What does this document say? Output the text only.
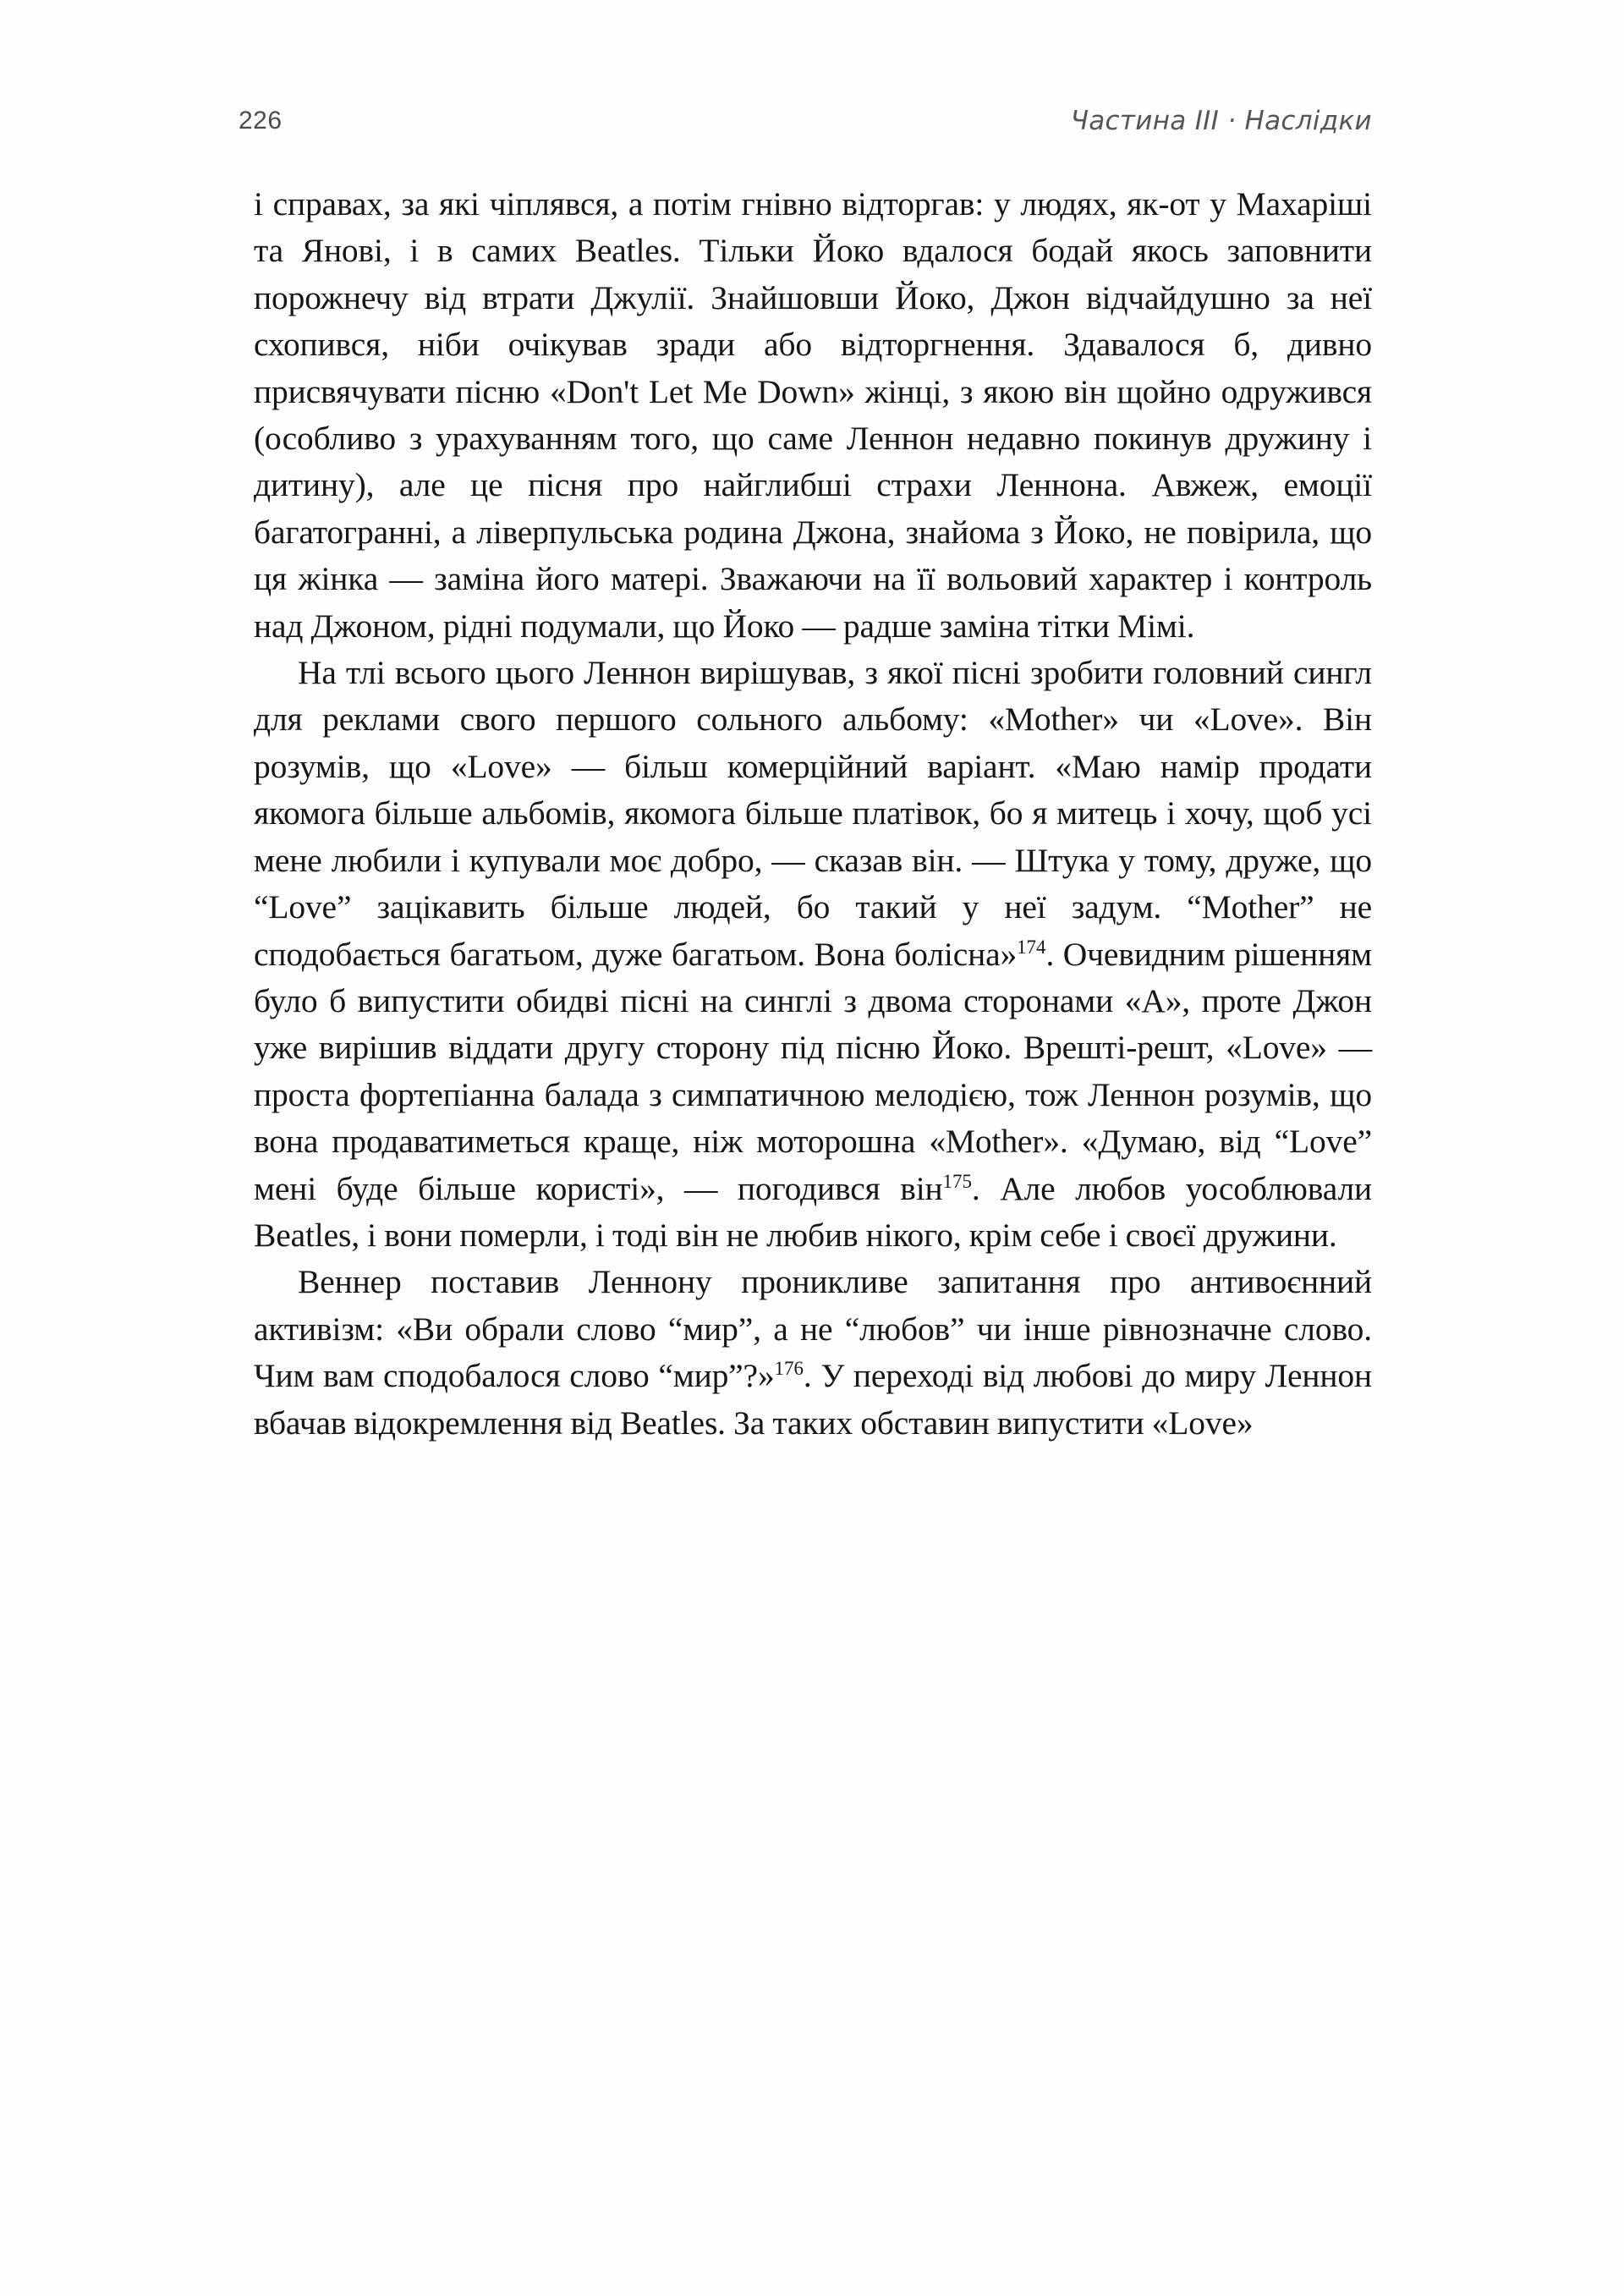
226	Частина III · Наслідки

і справах, за які чіплявся, а потім гнівно відторгав: у людях, як-от у Махаріші та Янові, і в самих Beatles. Тільки Йоко вдалося бодай якось заповнити порожнечу від втрати Джулії. Знайшовши Йоко, Джон відчайдушно за неї схопився, ніби очікував зради або відторгнення. Здавалося б, дивно присвячувати пісню «Don't Let Me Down» жінці, з якою він щойно одружився (особливо з урахуванням того, що саме Леннон недавно покинув дружину і дитину), але це пісня про найглибші страхи Леннона. Авжеж, емоції багатогранні, а ліверпульська родина Джона, знайома з Йоко, не повірила, що ця жінка — заміна його матері. Зважаючи на її вольовий характер і контроль над Джоном, рідні подумали, що Йоко — радше заміна тітки Мімі.

На тлі всього цього Леннон вирішував, з якої пісні зробити головний сингл для реклами свого першого сольного альбому: «Mother» чи «Love». Він розумів, що «Love» — більш комерційний варіант. «Маю намір продати якомога більше альбомів, якомога більше платівок, бо я митець і хочу, щоб усі мене любили і купували моє добро, — сказав він. — Штука у тому, друже, що “Love” зацікавить більше людей, бо такий у неї задум. “Mother” не сподобається багатьом, дуже багатьом. Вона болісна»$^{174}$. Очевидним рішенням було б випустити обидві пісні на синглі з двома сторонами «А», проте Джон уже вирішив віддати другу сторону під пісню Йоко. Врешті-решт, «Love» — проста фортепіанна балада з симпатичною мелодією, тож Леннон розумів, що вона продаватиметься краще, ніж моторошна «Mother». «Думаю, від “Love” мені буде більше користі», — погодився він$^{175}$. Але любов уособлювали Beatles, і вони померли, і тоді він не любив нікого, крім себе і своєї дружини.

Веннер поставив Леннону проникливе запитання про антивоєнний активізм: «Ви обрали слово “мир”, а не “любов” чи інше рівнозначне слово. Чим вам сподобалося слово “мир”?»$^{176}$. У переході від любові до миру Леннон вбачав відокремлення від Beatles. За таких обставин випустити «Love»
